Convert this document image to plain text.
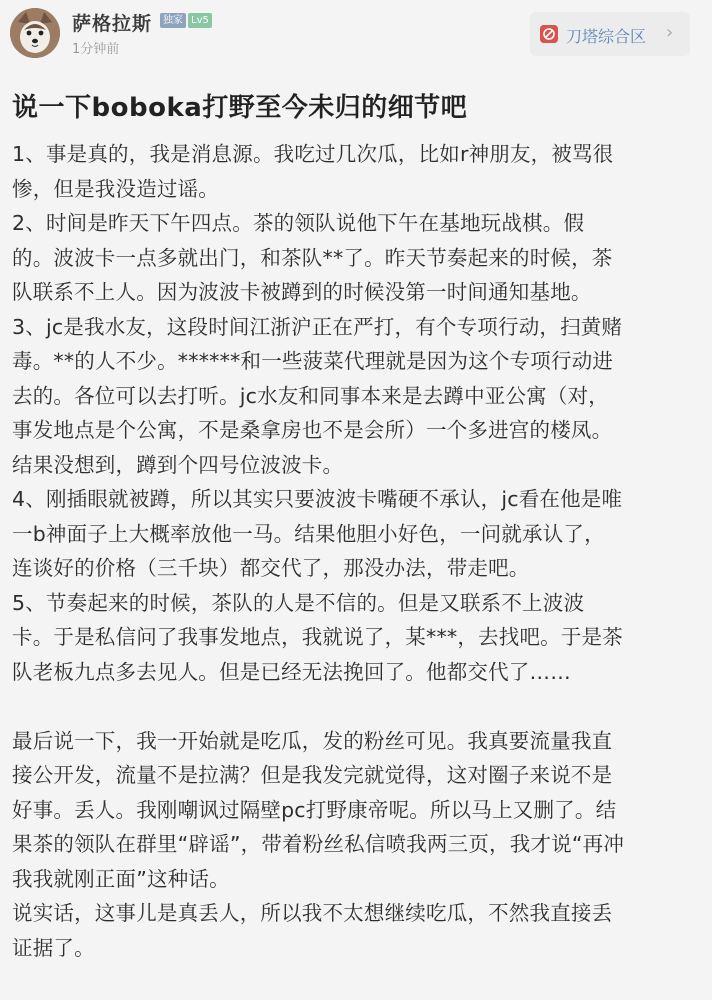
萨格拉斯	独家 Lv5
1分钟前
刀塔综合区 ›
说一下boboka打野至今未归的细节吧
1、事是真的，我是消息源。我吃过几次瓜，比如r神朋友，被骂很
惨，但是我没造过谣。
2、时间是昨天下午四点。茶的领队说他下午在基地玩战棋。假
的。波波卡一点多就出门，和茶队**了。昨天节奏起来的时候，茶
队联系不上人。因为波波卡被蹲到的时候没第一时间通知基地。
3、jc是我水友，这段时间江浙沪正在严打，有个专项行动，扫黄赌
毒。**的人不少。******和一些菠菜代理就是因为这个专项行动进
去的。各位可以去打听。jc水友和同事本来是去蹲中亚公寓（对，
事发地点是个公寓，不是桑拿房也不是会所）一个多进宫的楼凤。
结果没想到，蹲到个四号位波波卡。
4、刚插眼就被蹲，所以其实只要波波卡嘴硬不承认，jc看在他是唯
一b神面子上大概率放他一马。结果他胆小好色，一问就承认了，
连谈好的价格（三千块）都交代了，那没办法，带走吧。
5、节奏起来的时候，茶队的人是不信的。但是又联系不上波波
卡。于是私信问了我事发地点，我就说了，某***，去找吧。于是茶
队老板九点多去见人。但是已经无法挽回了。他都交代了……
最后说一下，我一开始就是吃瓜，发的粉丝可见。我真要流量我直
接公开发，流量不是拉满？但是我发完就觉得，这对圈子来说不是
好事。丢人。我刚嘲讽过隔壁pc打野康帝呢。所以马上又删了。结
果茶的领队在群里“辟谣”，带着粉丝私信喷我两三页，我才说“再冲
我我就刚正面”这种话。
说实话，这事儿是真丢人，所以我不太想继续吃瓜，不然我直接丢
证据了。
